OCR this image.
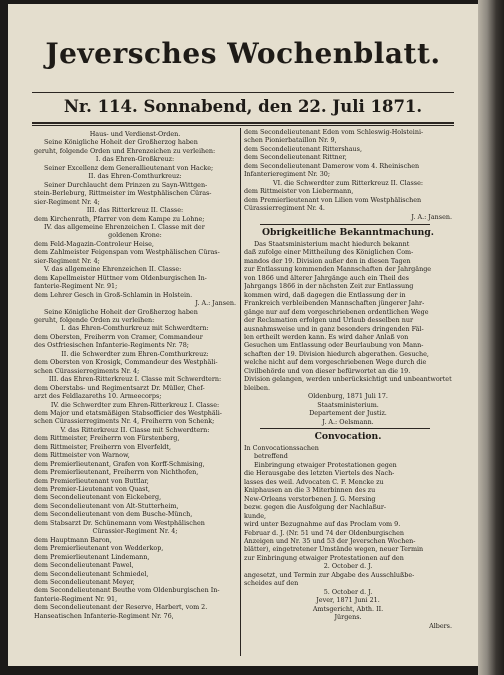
Jeversches Wochenblatt.
Nr. 114. Sonnabend, den 22. Juli 1871.
Haus- und Verdienst-Orden.
Seine Königliche Hoheit der Großherzog haben
geruht, folgende Orden und Ehrenzeichen zu verleihen:
I. das Ehren-Großkreuz:
Seiner Excellenz dem Generallieutenant von Hacke;
II. das Ehren-Comthurkreuz:
Seiner Durchlaucht dem Prinzen zu Sayn-Wittgen-
stein-Berleburg, Rittmeister im Westphälischen Cüras-
sier-Regiment Nr. 4;
III. das Ritterkreuz II. Classe:
dem Kirchenrath, Pfarrer von dem Kampe zu Lohne;
IV. das allgemeine Ehrenzeichen I. Classe mit der
goldenen Krone:
dem Feld-Magazin-Controleur Heise,
dem Zahlmeister Feigenspan vom Westphälischen Cüras-
sier-Regiment Nr. 4;
V. das allgemeine Ehrenzeichen II. Classe:
dem Kapellmeister Hüttner vom Oldenburgischen In-
fanterie-Regiment Nr. 91;
dem Lehrer Gesch in Groß-Schlamin in Holstein.
J. A.: Jansen.
Seine Königliche Hoheit der Großherzog haben
geruht, folgende Orden zu verleihen:
I. das Ehren-Comthurkreuz mit Schwerdtern:
dem Obersten, Freiherrn von Cramer, Commandeur
des Ostfriesischen Infanterie-Regiments Nr. 78;
II. die Schwerdter zum Ehren-Comthurkreuz:
dem Obersten von Krosigk, Commandeur des Westphäli-
schen Cürassierregiments Nr. 4;
III. das Ehren-Ritterkreuz I. Classe mit Schwerdtern:
dem Oberstabs- und Regimentsarzt Dr. Müller, Chef-
arzt des Feldlazareths 10. Armeecorps;
IV. die Schwerdter zum Ehren-Ritterkreuz I. Classe:
dem Major und etatsmäßigen Stabsofficier des Westphäli-
schen Cürassierregiments Nr. 4, Freiherrn von Schenk;
V. das Ritterkreuz II. Classe mit Schwerdtern:
dem Rittmeister, Freiherrn von Fürstenberg,
dem Rittmeister, Freiherrn von Elverfeldt,
dem Rittmeister von Warnow,
dem Premierlieutenant, Grafen von Korff-Schmising,
dem Premierlieutenant, Freiherrn von Nichthofen,
dem Premierlieutenant von Buttlar,
dem Premier-Lieutenant von Quast,
dem Secondelieutenant von Eickeberg,
dem Secondelieutenant von Alt-Stutterheim,
dem Secondelieutenant von dem Busche-Münch,
dem Stabsarzt Dr. Schünemann vom Westphälischen
Cürassier-Regiment Nr. 4;
dem Hauptmann Baron,
dem Premierlieutenant von Wedderkop,
dem Premierlieutenant Lindemann,
dem Secondelieutenant Pawel,
dem Secondelieutenant Schmiedel,
dem Secondelieutenant Meyer,
dem Secondelieutenant Beuthe vom Oldenburgischen In-
fanterie-Regiment Nr. 91,
dem Secondelieutenant der Reserve, Harbert, vom 2.
Hanseatischen Infanterie-Regiment Nr. 76,
dem Secondelieutenant Eden vom Schleswig-Holsteini-
schen Pionierbataillon Nr. 9,
dem Secondelieutenant Rittershaus,
dem Secondelieutenant Rittner,
dem Secondelieutenant Damerow vom 4. Rheinischen
Infanterieregiment Nr. 30;
VI. die Schwerdter zum Ritterkreuz II. Classe:
dem Rittmeister von Liebermann,
dem Premierlieutenant von Lilien vom Westphälischen
Cürassierregiment Nr. 4.
J. A.: Jansen.
Obrigkeitliche Bekanntmachung.
Das Staatsministerium macht hiedurch bekannt
daß zufolge einer Mittheilung des Königlichen Com-
mandos der 19. Division außer den in diesen Tagen
zur Entlassung kommenden Mannschaften der Jahrgänge
von 1866 und älterer Jahrgänge auch ein Theil des
Jahrgangs 1866 in der nächsten Zeit zur Entlassung
kommen wird, daß dagegen die Entlassung der in
Frankreich verbleibenden Mannschaften jüngerer Jahr-
gänge nur auf dem vorgeschriebenen ordentlichen Wege
der Reclamation erfolgen und Urlaub desselben nur
ausnahmsweise und in ganz besonders dringenden Fäl-
len ertheilt werden kann. Es wird daher Anlaß von
Gesuchen um Entlassung oder Beurlaubung von Mann-
schaften der 19. Division hiedurch abgerathen. Gesuche,
welche nicht auf dem vorgeschriebenen Wege durch die
Civilbehörde und von dieser befürwortet an die 19.
Division gelangen, werden unberücksichtigt und unbeantwortet
bleiben.
Oldenburg, 1871 Juli 17.
Staatsministerium.
Departement der Justiz.
J. A.: Oelsmann.
Convocation.
In Convocationssachen
betreffend
Einbringung etwaiger Protestationen gegen
die Herausgabe des letzten Viertels des Nach-
lasses des weil. Advocaten C. F. Mencke zu
Kniphausen an die 3 Miterbinnen des zu
New-Orleans verstorbenen J. G. Mersing
bezw. gegen die Ausfolgung der Nachlaßur-
kunde,
wird unter Bezugnahme auf das Proclam vom 9.
Februar d. J. (Nr. 51 und 74 der Oldenburgischen
Anzeigen und Nr. 35 und 53 der Jeverschen Wochen-
blätter), eingetretener Umstände wegen, neuer Termin
zur Einbringung etwaiger Protestationen auf den
2. October d. J.
angesetzt, und Termin zur Abgabe des Ausschlußbe-
scheides auf den
5. October d. J.
Jever, 1871 Juni 21.
Amtsgericht, Abth. II.
Jürgens.
Albers.
